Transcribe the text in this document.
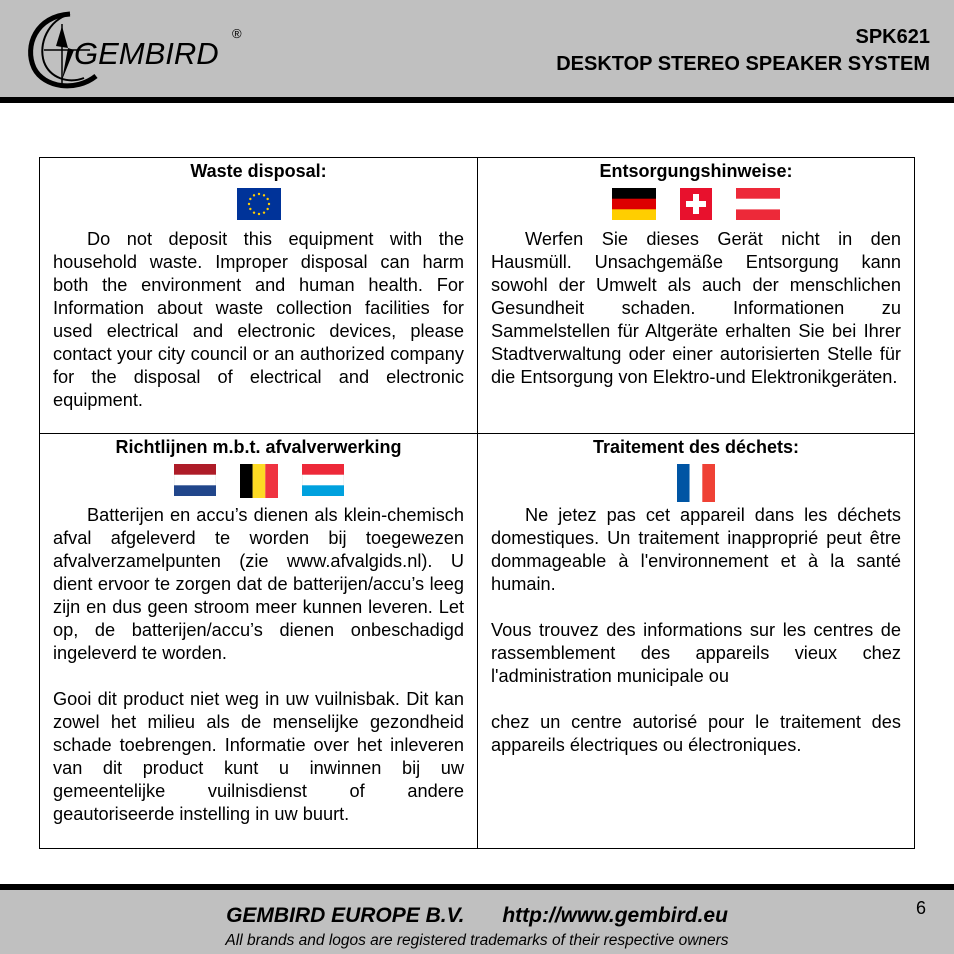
GEMBIRD
®	SPK621
DESKTOP STEREO SPEAKER SYSTEM
Waste disposal:

Do not deposit this equipment with the household waste. Improper disposal can harm both the environment and human health. For Information about waste collection facilities for used electrical and electronic devices, please contact your city council or an authorized company for the disposal of electrical and electronic equipment.

Entsorgungshinweise:

Werfen Sie dieses Gerät nicht in den Hausmüll. Unsachgemäße Entsorgung kann sowohl der Umwelt als auch der menschlichen Gesundheit schaden. Informationen zu Sammelstellen für Altgeräte erhalten Sie bei Ihrer Stadtverwaltung oder einer autorisierten Stelle für die Entsorgung von Elektro-und Elektronikgeräten.

Richtlijnen m.b.t. afvalverwerking

Batterijen en accu’s dienen als klein-chemisch afval afgeleverd te worden bij toegewezen afvalverzamelpunten (zie www.afvalgids.nl). U dient ervoor te zorgen dat de batterijen/accu’s leeg zijn en dus geen stroom meer kunnen leveren. Let op, de batterijen/accu’s dienen onbeschadigd ingeleverd te worden.

Gooi dit product niet weg in uw vuilnisbak. Dit kan zowel het milieu als de menselijke gezondheid schade toebrengen. Informatie over het inleveren van dit product kunt u inwinnen bij uw gemeentelijke vuilnisdienst of andere geautoriseerde instelling in uw buurt.

Traitement des déchets:

Ne jetez pas cet appareil dans les déchets domestiques. Un traitement inapproprié peut être dommageable à l'environnement et à la santé humain.

Vous trouvez des informations sur les centres de rassemblement des appareils vieux chez l'administration municipale ou

chez un centre autorisé pour le traitement des appareils électriques ou électroniques.

GEMBIRD EUROPE B.V. http://www.gembird.eu
All brands and logos are registered trademarks of their respective owners
6
